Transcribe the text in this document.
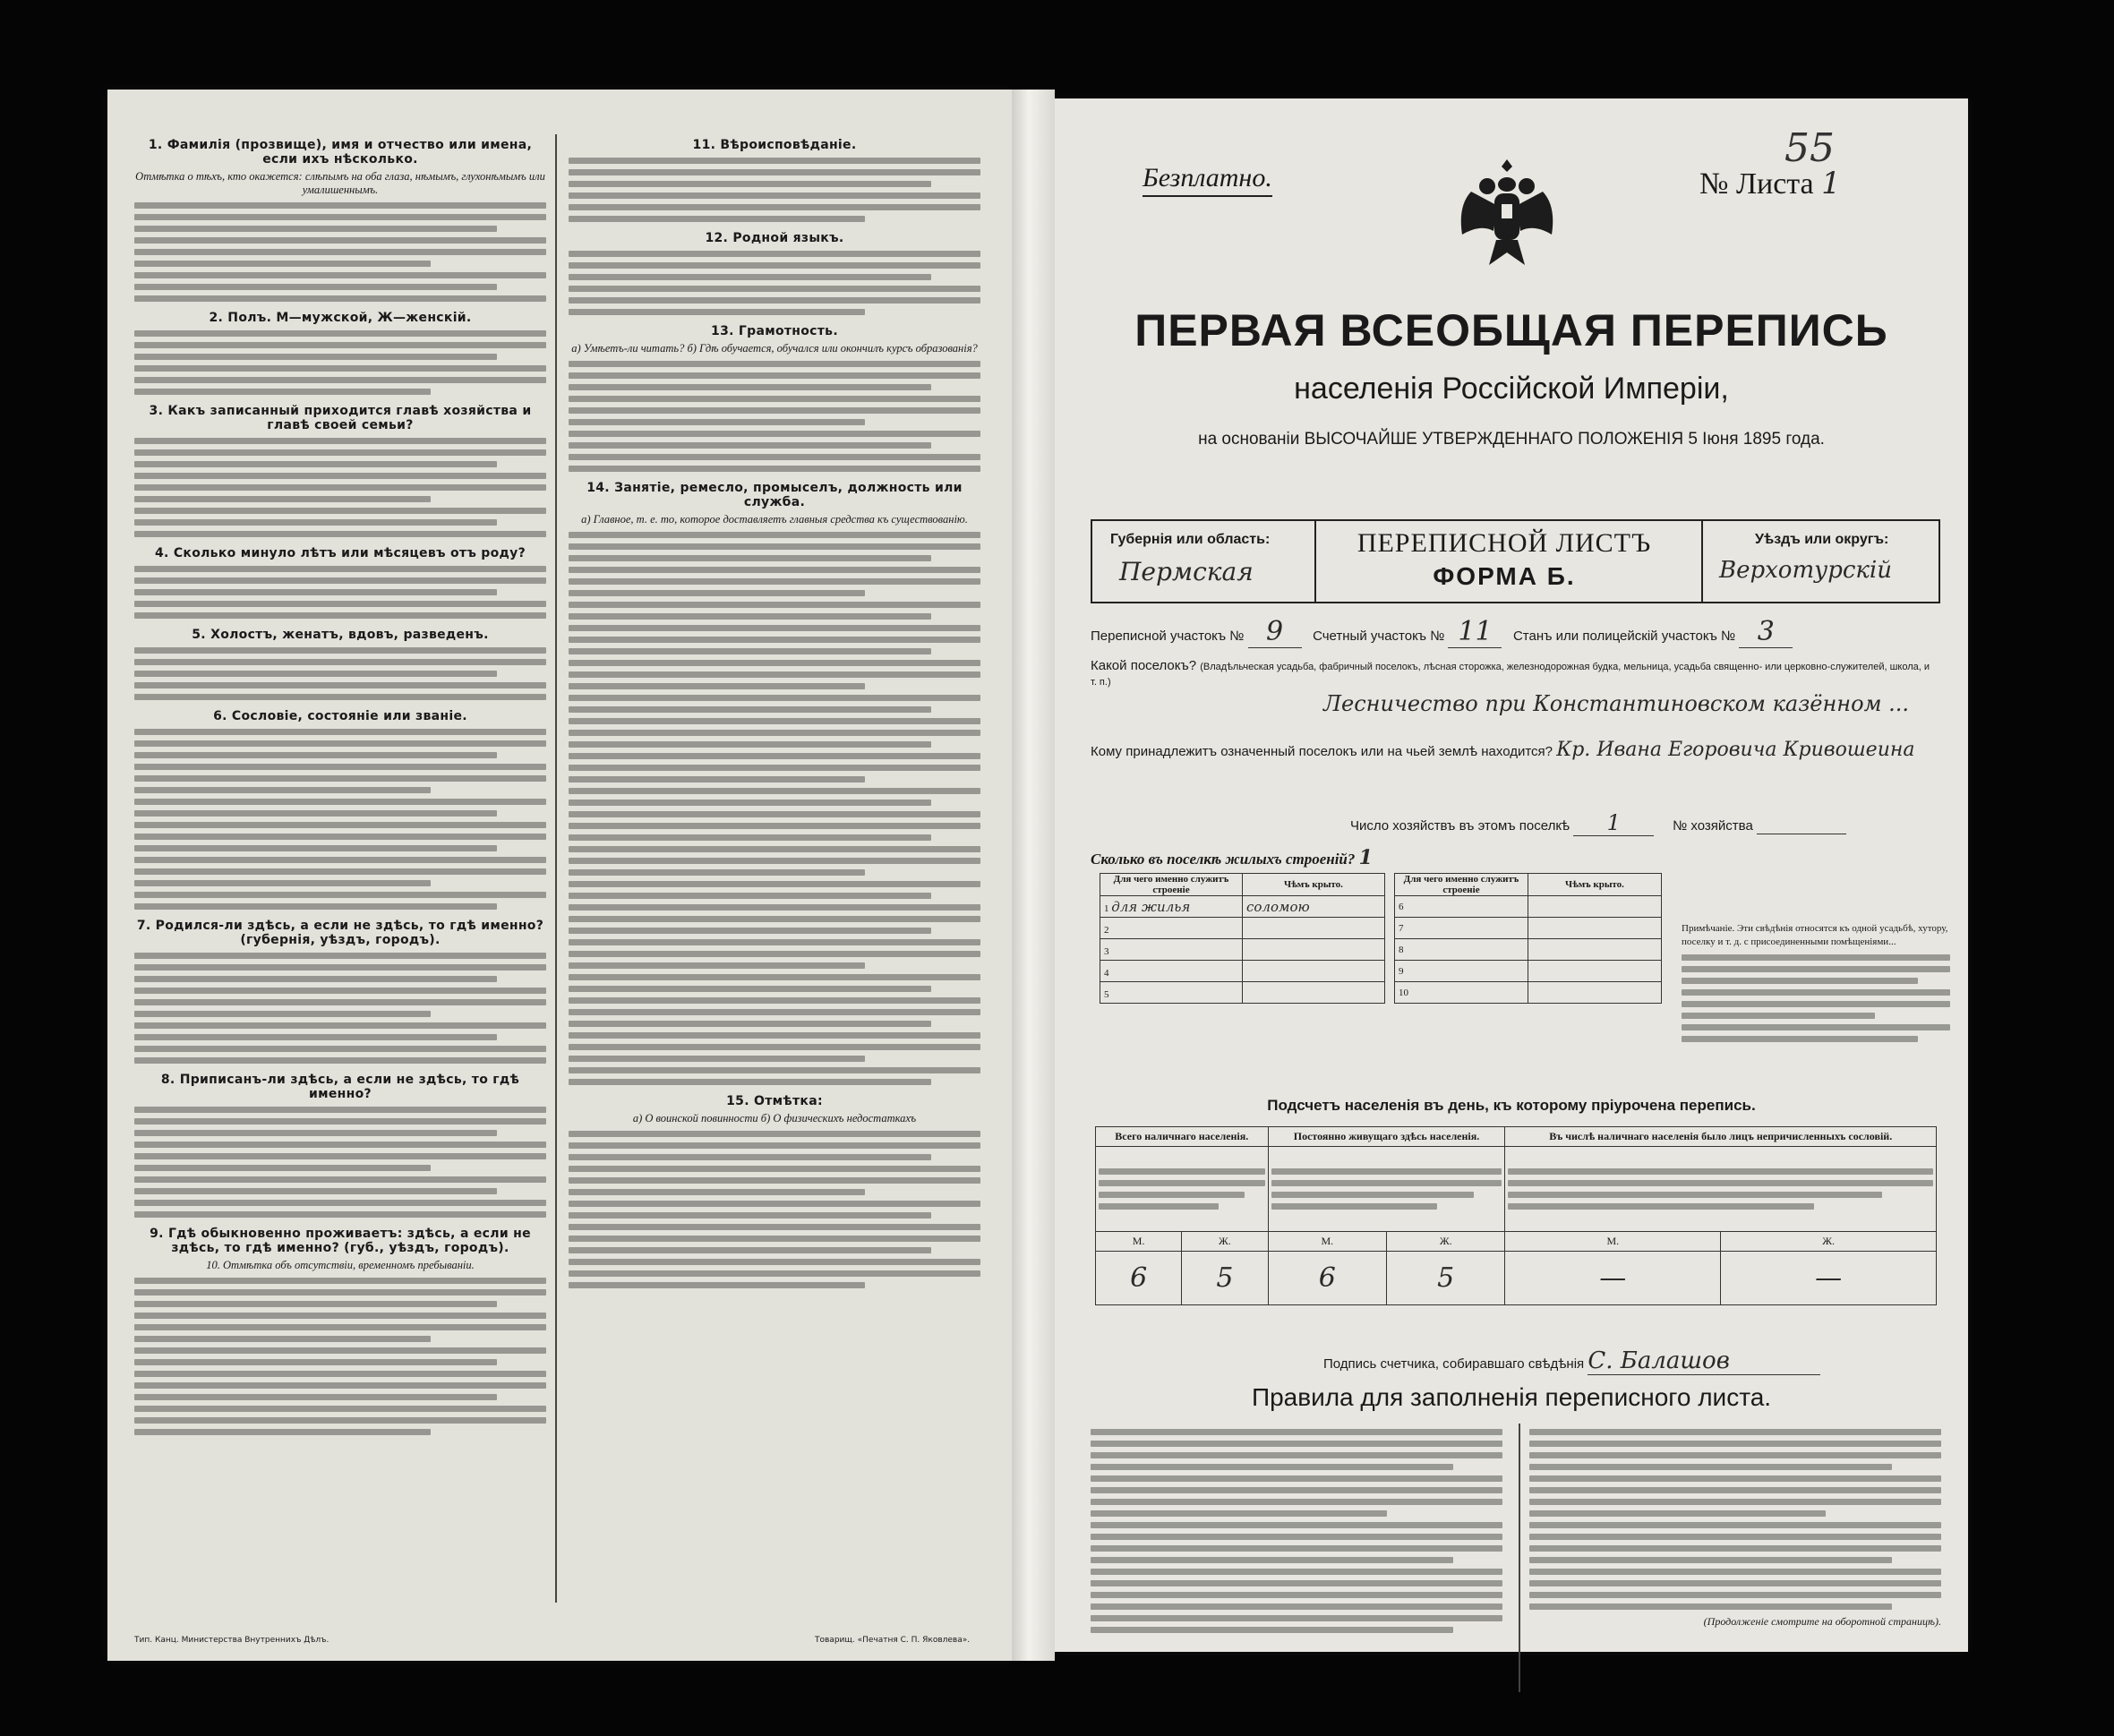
1. Фамилія (прозвище), имя и отчество или имена, если ихъ нѣсколько.
Отмѣтка о тѣхъ, кто окажется: слѣпымъ на оба глаза, нѣмымъ, глухонѣмымъ или умалишеннымъ.
2. Полъ. М—мужской, Ж—женскій.
3. Какъ записанный приходится главѣ хозяйства и главѣ своей семьи?
4. Сколько минуло лѣтъ или мѣсяцевъ отъ роду?
5. Холостъ, женатъ, вдовъ, разведенъ.
6. Сословіе, состояніе или званіе.
7. Родился-ли здѣсь, а если не здѣсь, то гдѣ именно? (губернія, уѣздъ, городъ).
8. Приписанъ-ли здѣсь, а если не здѣсь, то гдѣ именно?
9. Гдѣ обыкновенно проживаетъ: здѣсь, а если не здѣсь, то гдѣ именно? (губ., уѣздъ, городъ).
10. Отмѣтка объ отсутствіи, временномъ пребываніи.
11. Вѣроисповѣданіе.
12. Родной языкъ.
13. Грамотность.
а) Умѣетъ-ли читать? б) Гдѣ обучается, обучался или окончилъ курсъ образованія?
14. Занятіе, ремесло, промыселъ, должность или служба.
а) Главное, т. е. то, которое доставляетъ главныя средства къ существованію.
15. Отмѣтка:
а) О воинской повинности б) О физическихъ недостаткахъ
Тип. Канц. Министерства Внутреннихъ Дѣлъ.	Товарищ. «Печатня С. П. Яковлева».
Безплатно.	№ Листа 1
55
ПЕРВАЯ ВСЕОБЩАЯ ПЕРЕПИСЬ
населенія Россійской Имперіи,
на основаніи ВЫСОЧАЙШЕ УТВЕРЖДЕННАГО ПОЛОЖЕНІЯ 5 Іюня 1895 года.
Губернія или область:
Пермская
ПЕРЕПИСНОЙ ЛИСТЪ
ФОРМА Б.
Уѣздъ или округъ:
Верхотурскій
Переписной участокъ № 9 Счетный участокъ № 11 Станъ или полицейскій участокъ № 3
Какой поселокъ? (Владѣльческая усадьба, фабричный поселокъ, лѣсная сторожка, железнодорожная будка, мельница, усадьба священно- или церковно-служителей, школа, и т. п.)
Лесничество при Константиновском казённом ...
Кому принадлежитъ означенный поселокъ или на чьей землѣ находится? Кр. Ивана Егоровича Кривошеина
Число хозяйствъ въ этомъ поселкѣ 1	№ хозяйства
Сколько въ поселкѣ жилыхъ строеній? 1
Для чего именно служитъ строеніе	Чѣмъ крыто.
1 для жилья	соломою
2	
3	
4	
5	
Для чего именно служитъ строеніе	Чѣмъ крыто.
6	
7	
8	
9	
10	
Примѣчаніе. Эти свѣдѣнія относятся къ одной усадьбѣ, хутору, поселку и т. д. с присоединенными помѣщеніями...
Подсчетъ населенія въ день, къ которому пріурочена перепись.
Всего наличнаго населенія.		Постоянно живущаго здѣсь населенія.		Въ числѣ наличнаго населенія было лицъ непричисленныхъ сословій.	

М.	Ж.	М.	Ж.	М.	Ж.
6	5	6	5	—	—
Подпись счетчика, собиравшаго свѣдѣнія С. Балашов
Правила для заполненія переписного листа.
(Продолженіе смотрите на оборотной страницѣ).
